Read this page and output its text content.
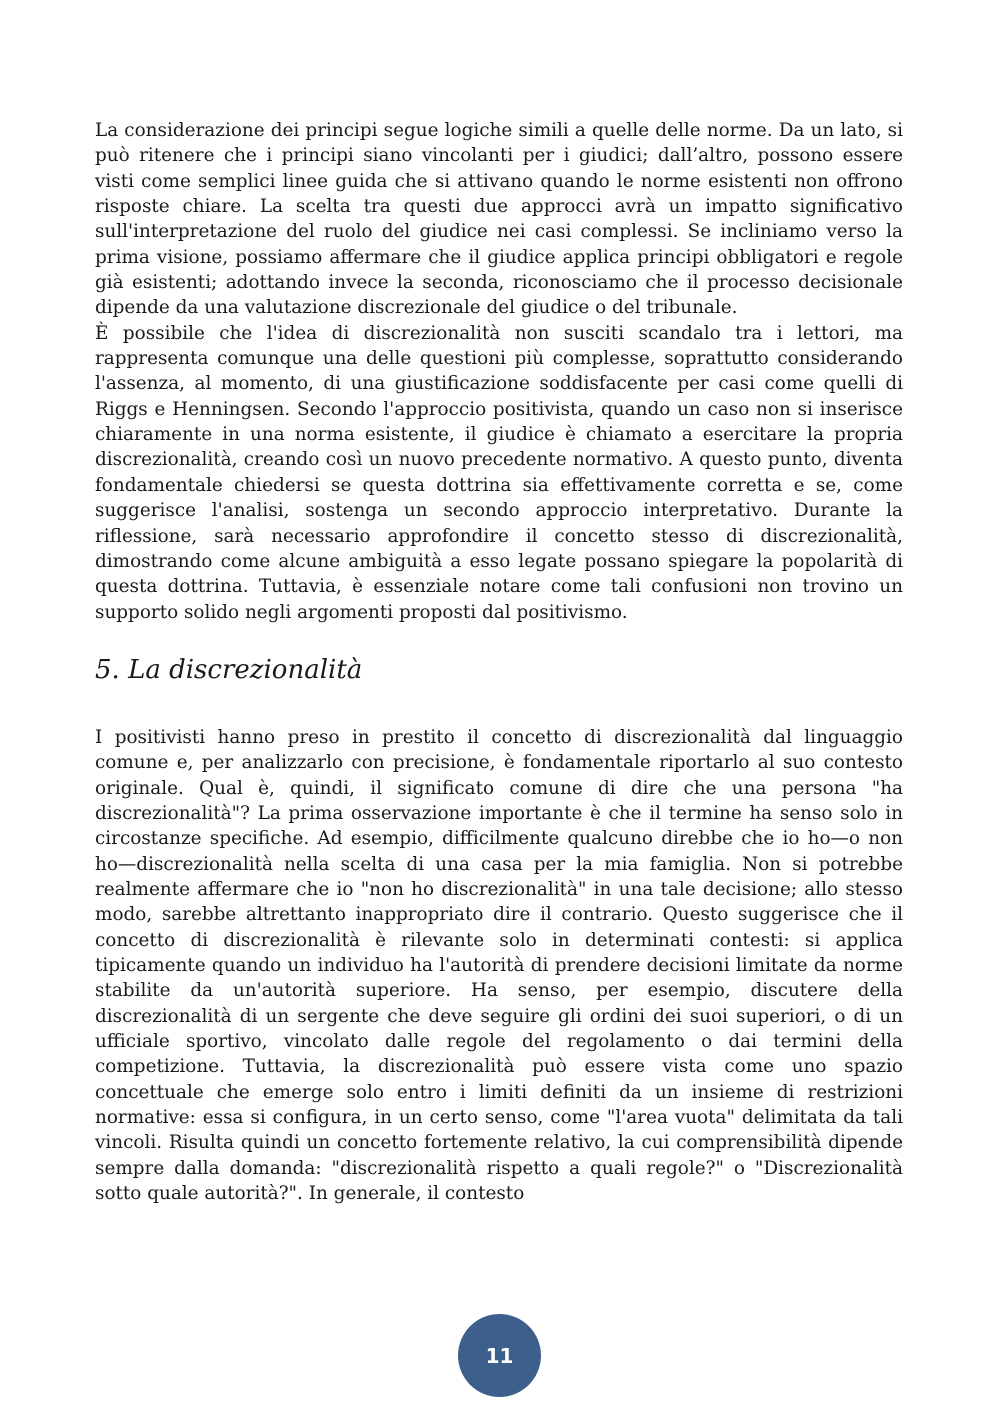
La considerazione dei principi segue logiche simili a quelle delle norme. Da un lato, si può ritenere che i principi siano vincolanti per i giudici; dall’altro, possono essere visti come semplici linee guida che si attivano quando le norme esistenti non offrono risposte chiare. La scelta tra questi due approcci avrà un impatto significativo sull'interpretazione del ruolo del giudice nei casi complessi. Se incliniamo verso la prima visione, possiamo affermare che il giudice applica principi obbligatori e regole già esistenti; adottando invece la seconda, riconosciamo che il processo decisionale dipende da una valutazione discrezionale del giudice o del tribunale.

È possibile che l'idea di discrezionalità non susciti scandalo tra i lettori, ma rappresenta comunque una delle questioni più complesse, soprattutto considerando l'assenza, al momento, di una giustificazione soddisfacente per casi come quelli di Riggs e Henningsen. Secondo l'approccio positivista, quando un caso non si inserisce chiaramente in una norma esistente, il giudice è chiamato a esercitare la propria discrezionalità, creando così un nuovo precedente normativo. A questo punto, diventa fondamentale chiedersi se questa dottrina sia effettivamente corretta e se, come suggerisce l'analisi, sostenga un secondo approccio interpretativo. Durante la riflessione, sarà necessario approfondire il concetto stesso di discrezionalità, dimostrando come alcune ambiguità a esso legate possano spiegare la popolarità di questa dottrina. Tuttavia, è essenziale notare come tali confusioni non trovino un supporto solido negli argomenti proposti dal positivismo.

5. La discrezionalità

I positivisti hanno preso in prestito il concetto di discrezionalità dal linguaggio comune e, per analizzarlo con precisione, è fondamentale riportarlo al suo contesto originale. Qual è, quindi, il significato comune di dire che una persona "ha discrezionalità"? La prima osservazione importante è che il termine ha senso solo in circostanze specifiche. Ad esempio, difficilmente qualcuno direbbe che io ho—o non ho—discrezionalità nella scelta di una casa per la mia famiglia. Non si potrebbe realmente affermare che io "non ho discrezionalità" in una tale decisione; allo stesso modo, sarebbe altrettanto inappropriato dire il contrario. Questo suggerisce che il concetto di discrezionalità è rilevante solo in determinati contesti: si applica tipicamente quando un individuo ha l'autorità di prendere decisioni limitate da norme stabilite da un'autorità superiore. Ha senso, per esempio, discutere della discrezionalità di un sergente che deve seguire gli ordini dei suoi superiori, o di un ufficiale sportivo, vincolato dalle regole del regolamento o dai termini della competizione. Tuttavia, la discrezionalità può essere vista come uno spazio concettuale che emerge solo entro i limiti definiti da un insieme di restrizioni normative: essa si configura, in un certo senso, come "l'area vuota" delimitata da tali vincoli. Risulta quindi un concetto fortemente relativo, la cui comprensibilità dipende sempre dalla domanda: "discrezionalità rispetto a quali regole?" o "Discrezionalità sotto quale autorità?". In generale, il contesto

11
